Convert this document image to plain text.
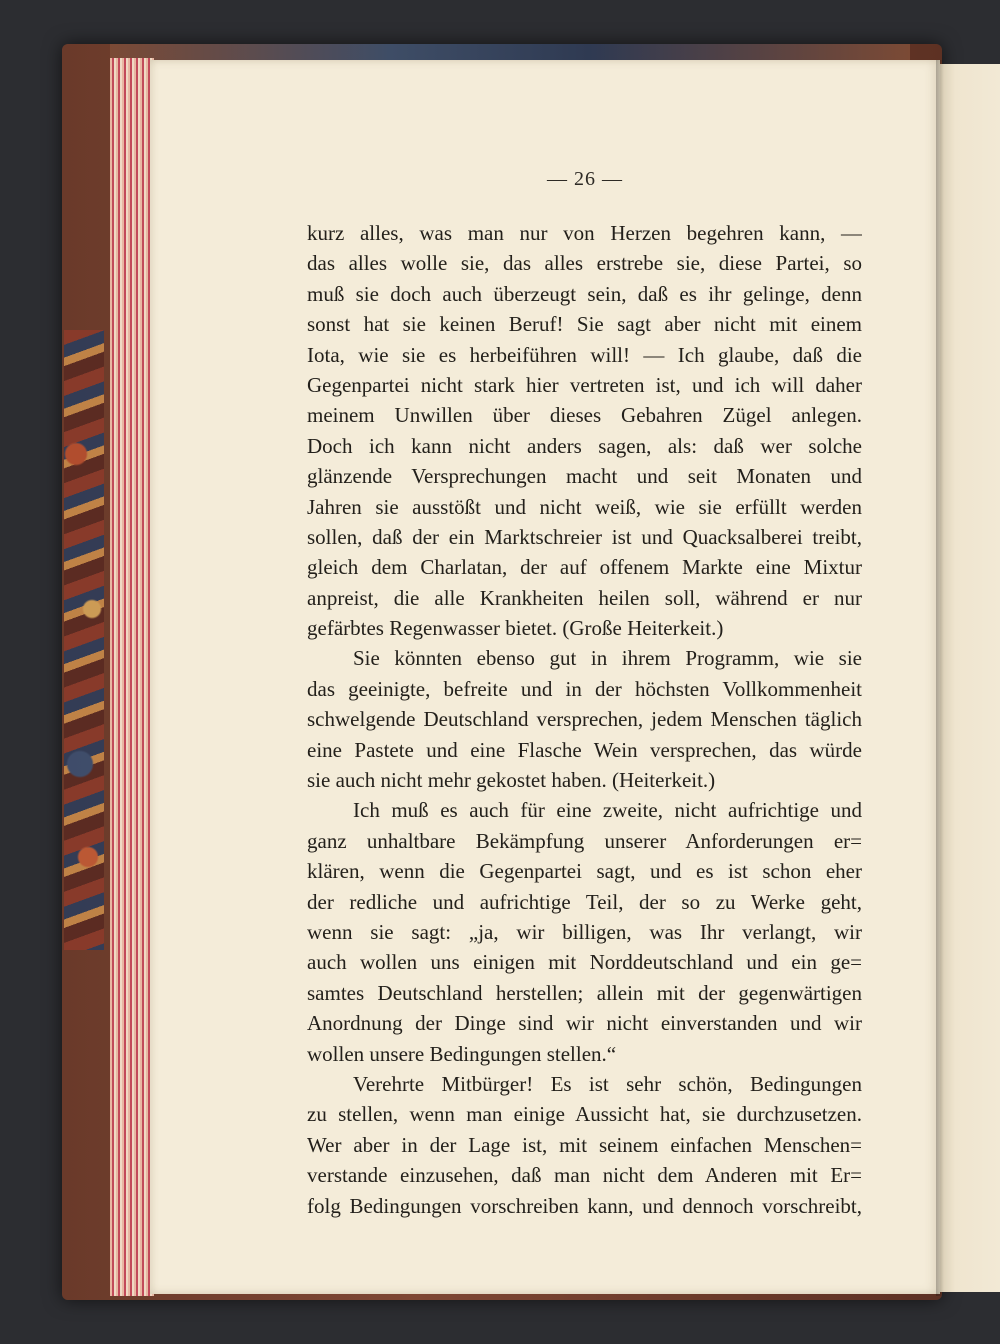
— 26 —

kurz alles, was man nur von Herzen begehren kann, —
das alles wolle sie, das alles erstrebe sie, diese Partei, so
muß sie doch auch überzeugt sein, daß es ihr gelinge, denn
sonst hat sie keinen Beruf! Sie sagt aber nicht mit einem
Iota, wie sie es herbeiführen will! — Ich glaube, daß die
Gegenpartei nicht stark hier vertreten ist, und ich will daher
meinem Unwillen über dieses Gebahren Zügel anlegen.
Doch ich kann nicht anders sagen, als: daß wer solche
glänzende Versprechungen macht und seit Monaten und
Jahren sie ausstößt und nicht weiß, wie sie erfüllt werden
sollen, daß der ein Marktschreier ist und Quacksalberei treibt,
gleich dem Charlatan, der auf offenem Markte eine Mixtur
anpreist, die alle Krankheiten heilen soll, während er nur
gefärbtes Regenwasser bietet. (Große Heiterkeit.)
Sie könnten ebenso gut in ihrem Programm, wie sie
das geeinigte, befreite und in der höchsten Vollkommenheit
schwelgende Deutschland versprechen, jedem Menschen täglich
eine Pastete und eine Flasche Wein versprechen, das würde
sie auch nicht mehr gekostet haben. (Heiterkeit.)
Ich muß es auch für eine zweite, nicht aufrichtige und
ganz unhaltbare Bekämpfung unserer Anforderungen er=
klären, wenn die Gegenpartei sagt, und es ist schon eher
der redliche und aufrichtige Teil, der so zu Werke geht,
wenn sie sagt: „ja, wir billigen, was Ihr verlangt, wir
auch wollen uns einigen mit Norddeutschland und ein ge=
samtes Deutschland herstellen; allein mit der gegenwärtigen
Anordnung der Dinge sind wir nicht einverstanden und wir
wollen unsere Bedingungen stellen.“
Verehrte Mitbürger! Es ist sehr schön, Bedingungen
zu stellen, wenn man einige Aussicht hat, sie durchzusetzen.
Wer aber in der Lage ist, mit seinem einfachen Menschen=
verstande einzusehen, daß man nicht dem Anderen mit Er=
folg Bedingungen vorschreiben kann, und dennoch vorschreibt,
